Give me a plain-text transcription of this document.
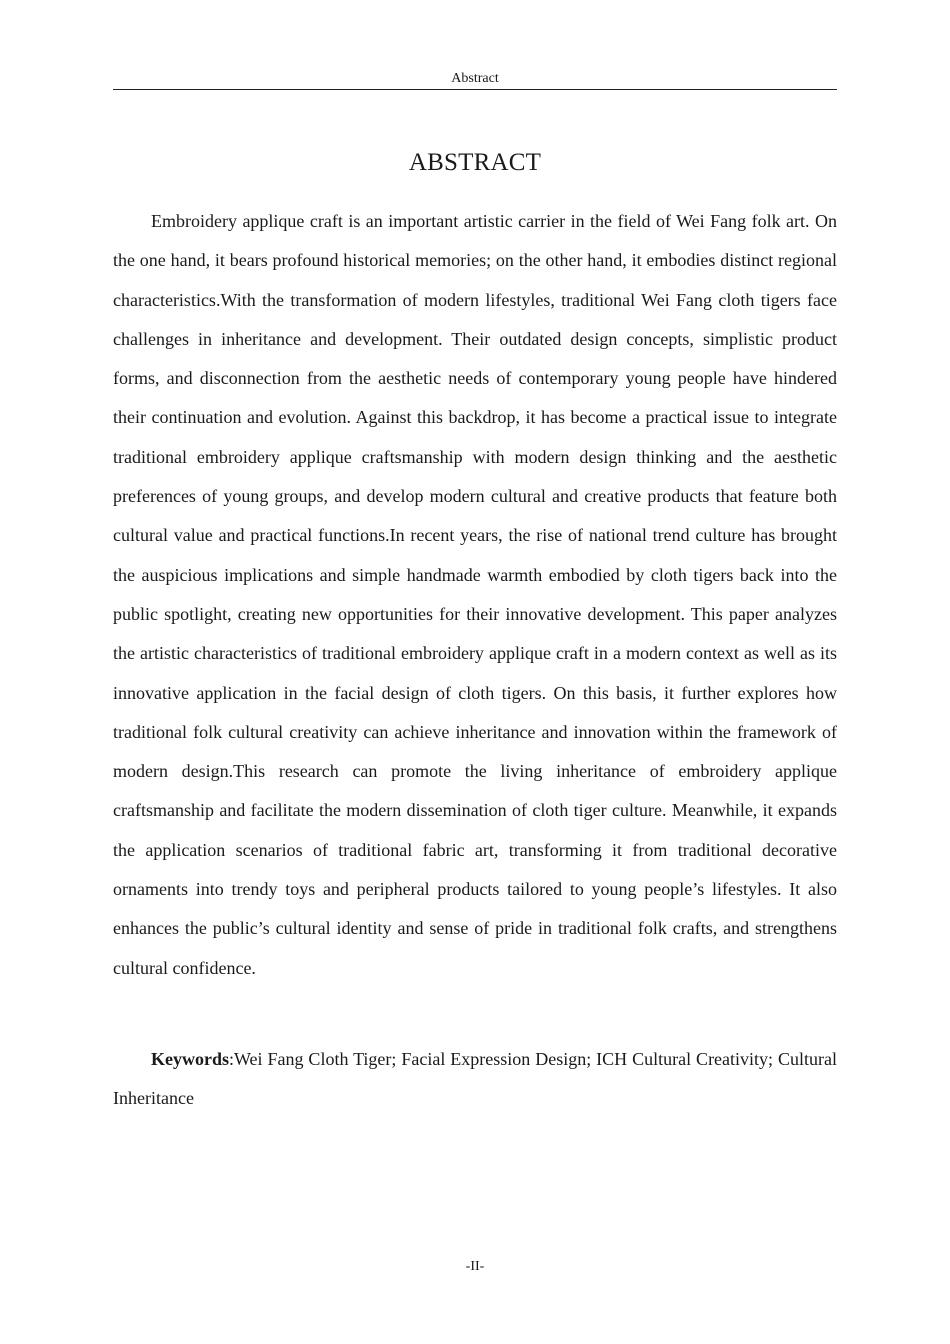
Abstract
ABSTRACT

Embroidery applique craft is an important artistic carrier in the field of Wei Fang folk art. On the one hand, it bears profound historical memories; on the other hand, it embodies distinct regional characteristics.With the transformation of modern lifestyles, traditional Wei Fang cloth tigers face challenges in inheritance and development. Their outdated design concepts, simplistic product forms, and disconnection from the aesthetic needs of contemporary young people have hindered their continuation and evolution. Against this backdrop, it has become a practical issue to integrate traditional embroidery applique craftsmanship with modern design thinking and the aesthetic preferences of young groups, and develop modern cultural and creative products that feature both cultural value and practical functions.In recent years, the rise of national trend culture has brought the auspicious implications and simple handmade warmth embodied by cloth tigers back into the public spotlight, creating new opportunities for their innovative development. This paper analyzes the artistic characteristics of traditional embroidery applique craft in a modern context as well as its innovative application in the facial design of cloth tigers. On this basis, it further explores how traditional folk cultural creativity can achieve inheritance and innovation within the framework of modern design.This research can promote the living inheritance of embroidery applique craftsmanship and facilitate the modern dissemination of cloth tiger culture. Meanwhile, it expands the application scenarios of traditional fabric art, transforming it from traditional decorative ornaments into trendy toys and peripheral products tailored to young people’s lifestyles. It also enhances the public’s cultural identity and sense of pride in traditional folk crafts, and strengthens cultural confidence.

Keywords:Wei Fang Cloth Tiger; Facial Expression Design; ICH Cultural Creativity; Cultural Inheritance

-II-
